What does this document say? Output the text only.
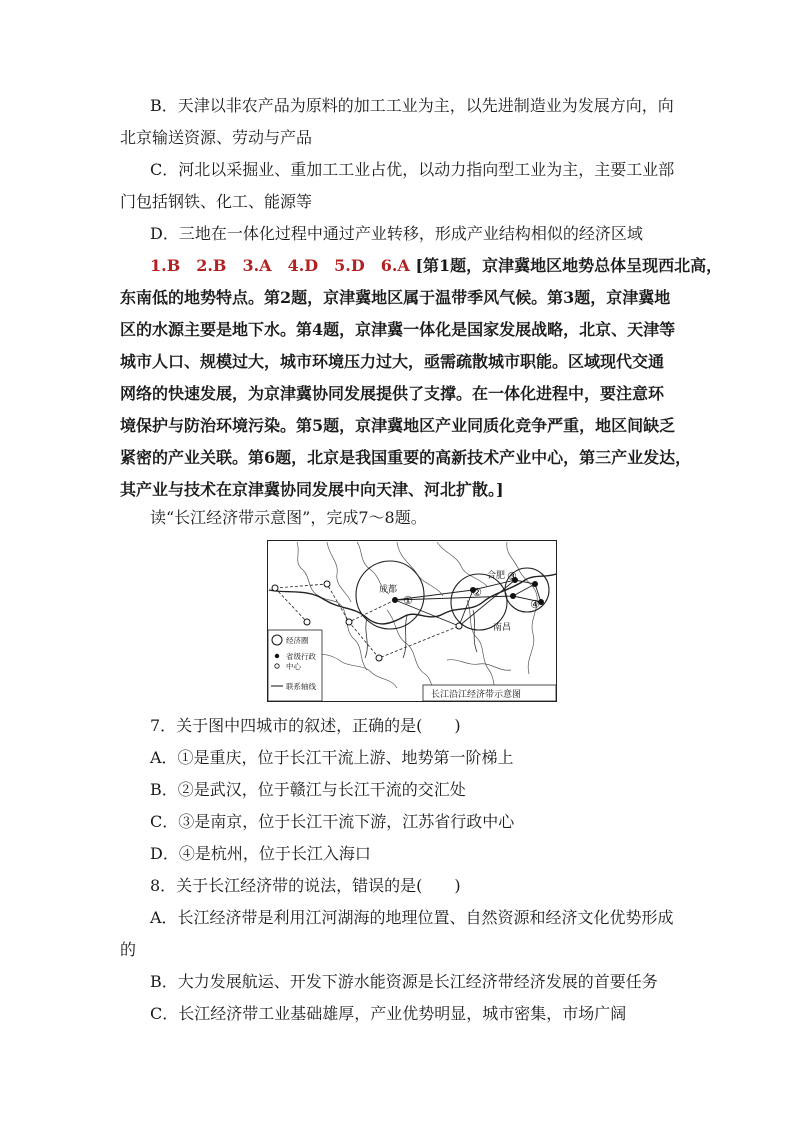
B．天津以非农产品为原料的加工工业为主，以先进制造业为发展方向，向
北京输送资源、劳动与产品
C．河北以采掘业、重加工工业占优，以动力指向型工业为主，主要工业部
门包括钢铁、化工、能源等
D．三地在一体化过程中通过产业转移，形成产业结构相似的经济区域
1.B　2.B　3.A　4.D　5.D　6.A [第1题，京津冀地区地势总体呈现西北高，
东南低的地势特点。第2题，京津冀地区属于温带季风气候。第3题，京津冀地
区的水源主要是地下水。第4题，京津冀一体化是国家发展战略，北京、天津等
城市人口、规模过大，城市环境压力过大，亟需疏散城市职能。区域现代交通
网络的快速发展，为京津冀协同发展提供了支撑。在一体化进程中，要注意环
境保护与防治环境污染。第5题，京津冀地区产业同质化竞争严重，地区间缺乏
紧密的产业关联。第6题，北京是我国重要的高新技术产业中心，第三产业发达，
其产业与技术在京津冀协同发展中向天津、河北扩散。]
读“长江经济带示意图”，完成7～8题。
成都
合肥
南昌
①
②
③
④
经济圈
省级行政
中心
联系轴线
长江沿江经济带示意图
7．关于图中四城市的叙述，正确的是(　　)
A．①是重庆，位于长江干流上游、地势第一阶梯上
B．②是武汉，位于赣江与长江干流的交汇处
C．③是南京，位于长江干流下游，江苏省行政中心
D．④是杭州，位于长江入海口
8．关于长江经济带的说法，错误的是(　　)
A．长江经济带是利用江河湖海的地理位置、自然资源和经济文化优势形成
的
B．大力发展航运、开发下游水能资源是长江经济带经济发展的首要任务
C．长江经济带工业基础雄厚，产业优势明显，城市密集，市场广阔
